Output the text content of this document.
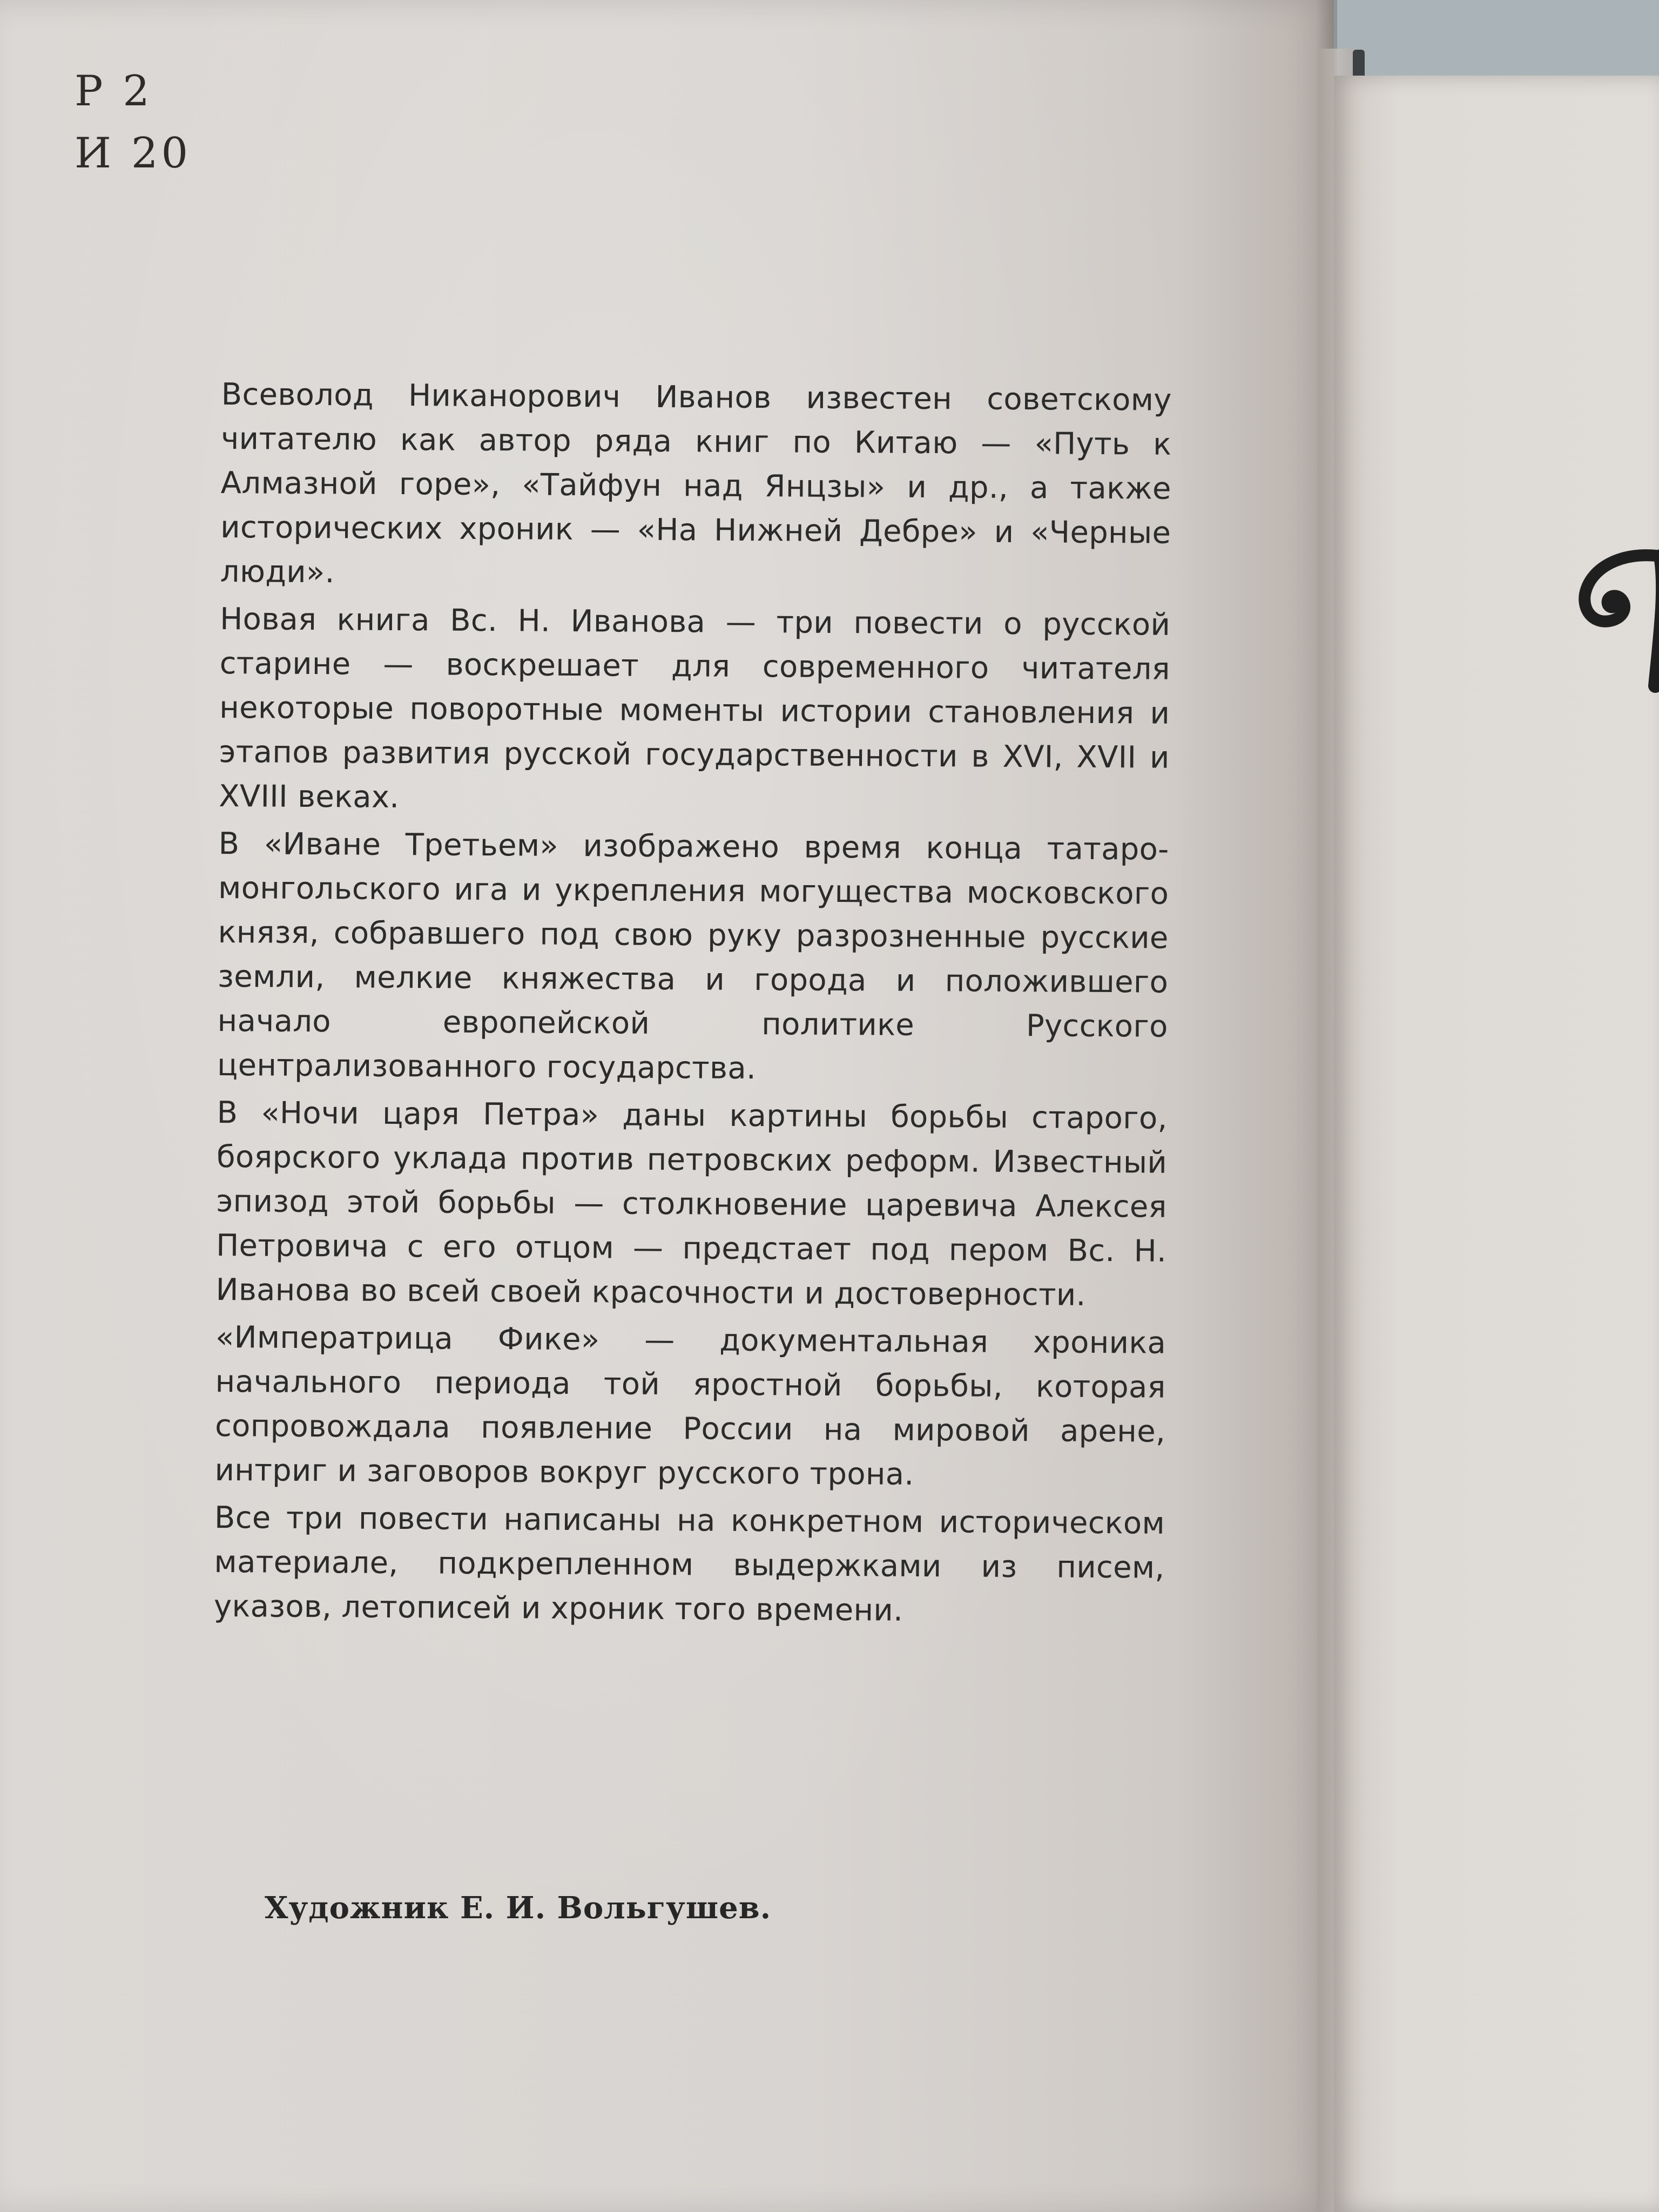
Р 2
И 20

Всеволод Никанорович Иванов известен советскому читателю как автор ряда книг по Китаю — «Путь к Алмазной горе», «Тайфун над Янцзы» и др., а также исторических хроник — «На Нижней Дебре» и «Черные люди».

Новая книга Вс. Н. Иванова — три повести о русской старине — воскрешает для современного читателя некоторые поворотные моменты истории становления и этапов развития русской государственности в XVI, XVII и XVIII веках.

В «Иване Третьем» изображено время конца татаро-монгольского ига и укрепления могущества московского князя, собравшего под свою руку разрозненные русские земли, мелкие княжества и города и положившего начало европейской политике Русского централизованного государства.

В «Ночи царя Петра» даны картины борьбы старого, боярского уклада против петровских реформ. Известный эпизод этой борьбы — столкновение царевича Алексея Петровича с его отцом — предстает под пером Вс. Н. Иванова во всей своей красочности и достоверности.

«Императрица Фике» — документальная хроника начального периода той яростной борьбы, которая сопровождала появление России на мировой арене, интриг и заговоров вокруг русского трона.

Все три повести написаны на конкретном историческом материале, подкрепленном выдержками из писем, указов, летописей и хроник того времени.

Художник Е. И. Вольгушев.
